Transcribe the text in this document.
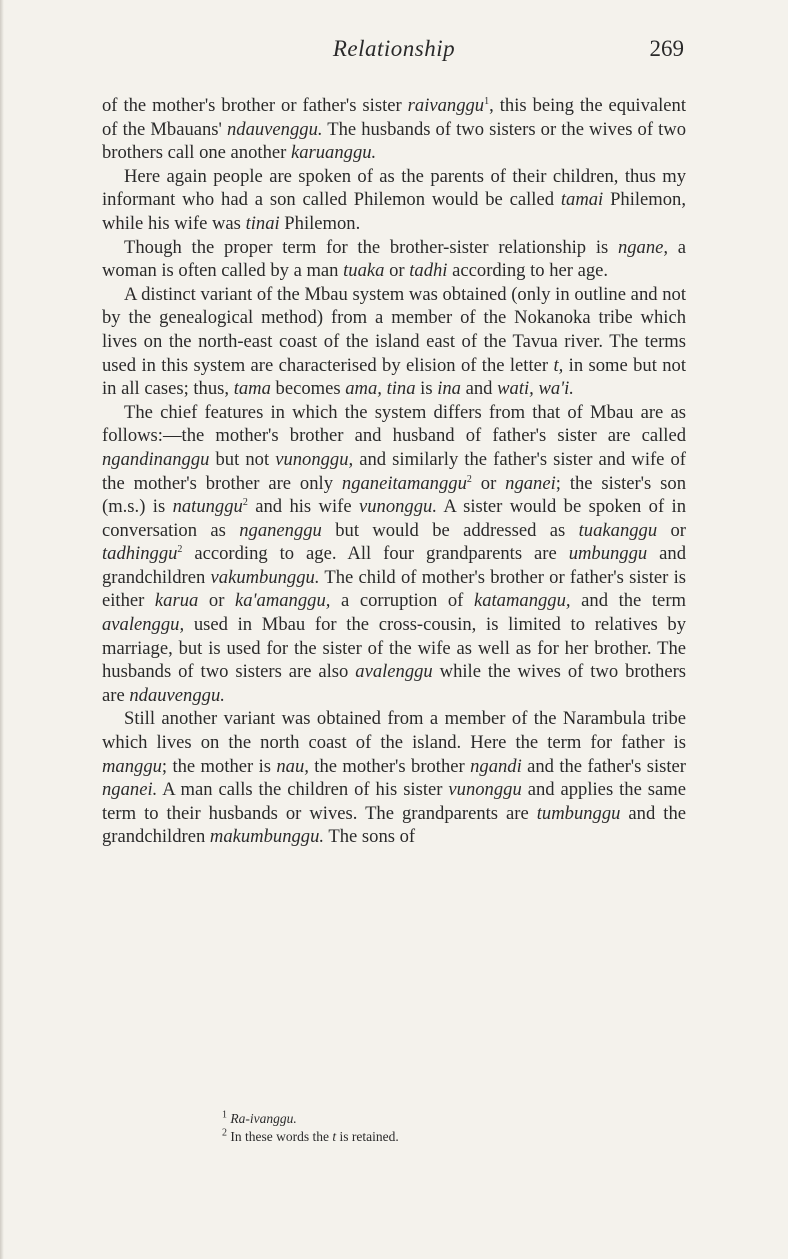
Relationship	269

of the mother's brother or father's sister raivanggu$^1$, this being the equivalent of the Mbauans' ndauvenggu. The husbands of two sisters or the wives of two brothers call one another karuanggu.

Here again people are spoken of as the parents of their children, thus my informant who had a son called Philemon would be called tamai Philemon, while his wife was tinai Philemon.

Though the proper term for the brother-sister relationship is ngane, a woman is often called by a man tuaka or tadhi according to her age.

A distinct variant of the Mbau system was obtained (only in outline and not by the genealogical method) from a member of the Nokanoka tribe which lives on the north-east coast of the island east of the Tavua river. The terms used in this system are characterised by elision of the letter t, in some but not in all cases; thus, tama becomes ama, tina is ina and wati, wa'i.

The chief features in which the system differs from that of Mbau are as follows:—the mother's brother and husband of father's sister are called ngandinanggu but not vunonggu, and similarly the father's sister and wife of the mother's brother are only nganeitamanggu$^2$ or nganei; the sister's son (m.s.) is natunggu$^2$ and his wife vunonggu. A sister would be spoken of in conversation as nganenggu but would be addressed as tuakanggu or tadhinggu$^2$ according to age. All four grandparents are umbunggu and grandchildren vakumbunggu. The child of mother's brother or father's sister is either karua or ka'amanggu, a corruption of katamanggu, and the term avalenggu, used in Mbau for the cross-cousin, is limited to relatives by marriage, but is used for the sister of the wife as well as for her brother. The husbands of two sisters are also avalenggu while the wives of two brothers are ndauvenggu.

Still another variant was obtained from a member of the Narambula tribe which lives on the north coast of the island. Here the term for father is manggu; the mother is nau, the mother's brother ngandi and the father's sister nganei. A man calls the children of his sister vunonggu and applies the same term to their husbands or wives. The grandparents are tumbunggu and the grandchildren makumbunggu. The sons of

$^1$ Ra-ivanggu.
$^2$ In these words the t is retained.
